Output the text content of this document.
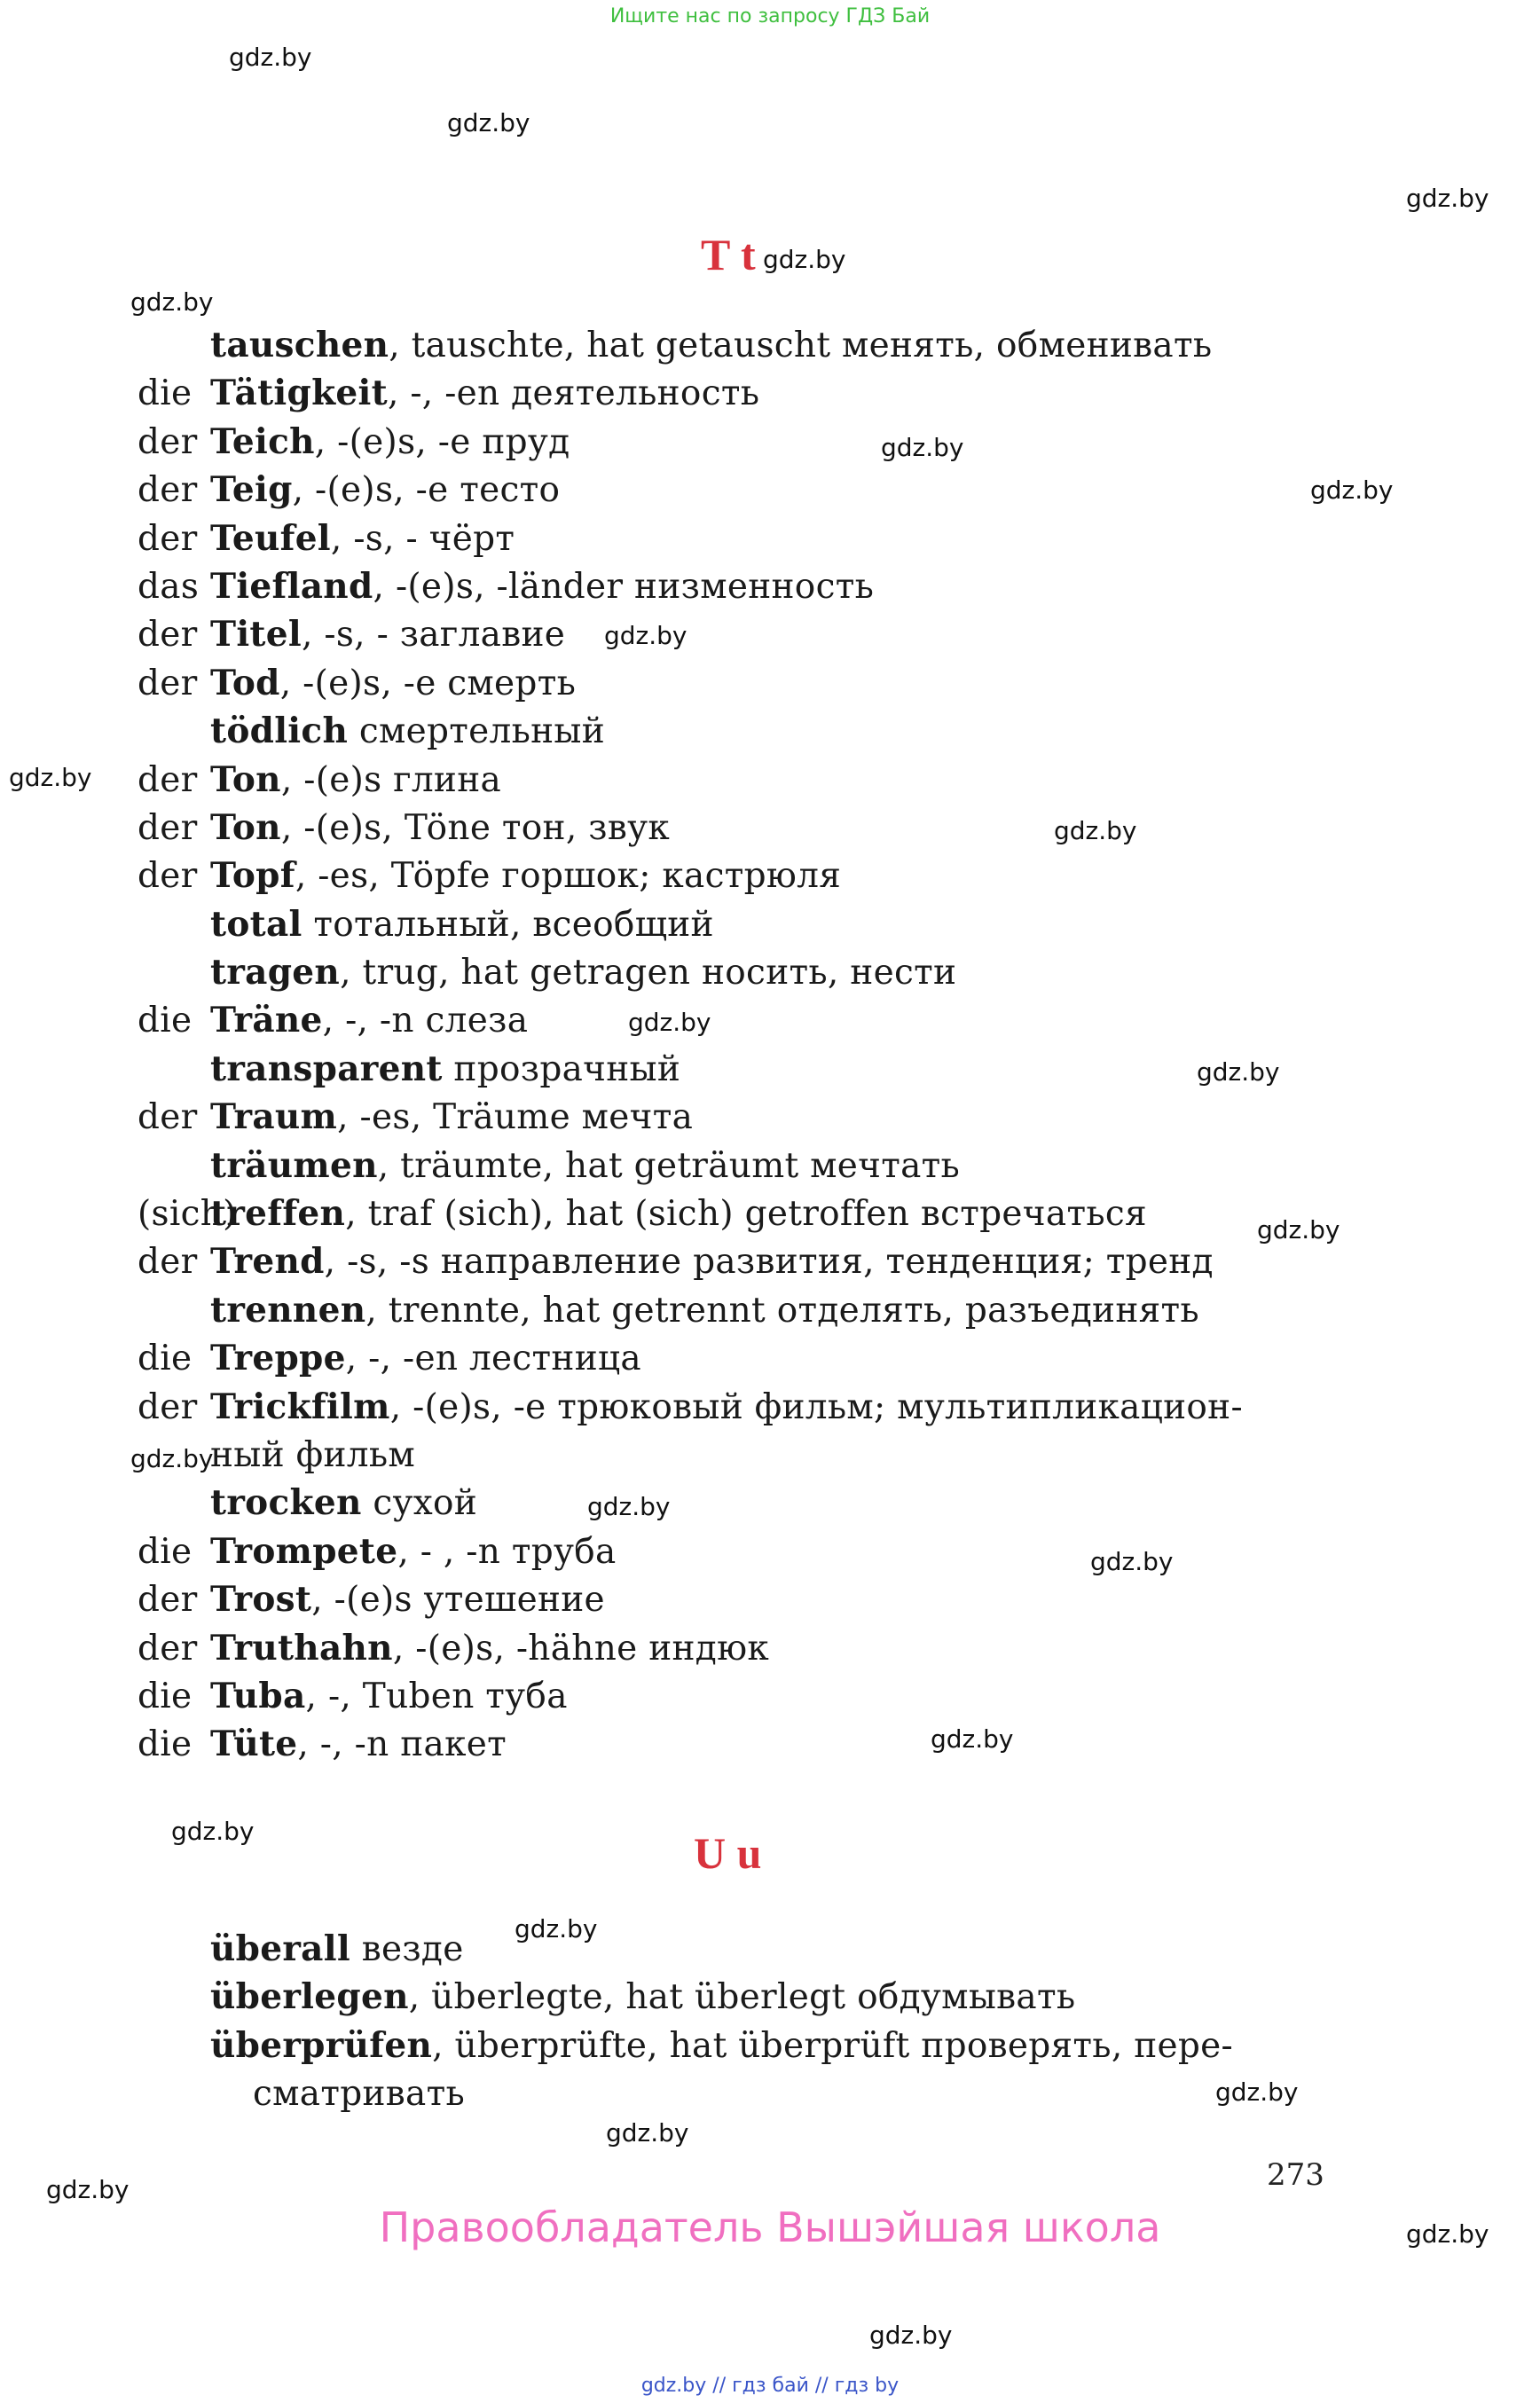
Ищите нас по запросу ГДЗ Бай
gdz.by
gdz.by
gdz.by
gdz.by
gdz.by
gdz.by
gdz.by
gdz.by
gdz.by
gdz.by
gdz.by
gdz.by
gdz.by
gdz.by
gdz.by
gdz.by
gdz.by
gdz.by
gdz.by
gdz.by
gdz.by
gdz.by
gdz.by
gdz.by
T t
tauschen, tauschte, hat getauscht менять, обменивать
die Tätigkeit, -, -en деятельность
der Teich, -(e)s, -e пруд
der Teig, -(e)s, -e тесто
der Teufel, -s, - чёрт
das Tiefland, -(e)s, -länder низменность
der Titel, -s, - заглавие
der Tod, -(e)s, -e смерть
tödlich смертельный
der Ton, -(e)s глина
der Ton, -(e)s, Töne тон, звук
der Topf, -es, Töpfe горшок; кастрюля
total тотальный, всеобщий
tragen, trug, hat getragen носить, нести
die Träne, -, -n слеза
transparent прозрачный
der Traum, -es, Träume мечта
träumen, träumte, hat geträumt мечтать
(sich)treffen, traf (sich), hat (sich) getroffen встречаться
der Trend, -s, -s направление развития, тенденция; тренд
trennen, trennte, hat getrennt отделять, разъединять
die Treppe, -, -en лестница
der Trickfilm, -(e)s, -e трюковый фильм; мультипликацион-
ный фильм
trocken сухой
die Trompete, - , -n труба
der Trost, -(e)s утешение
der Truthahn, -(e)s, -hähne индюк
die Tuba, -, Tuben туба
die Tüte, -, -n пакет
U u
überall везде
überlegen, überlegte, hat überlegt обдумывать
überprüfen, überprüfte, hat überprüft проверять, пере-
сматривать
273
Правообладатель Вышэйшая школа
gdz.by // гдз бай // гдз by
